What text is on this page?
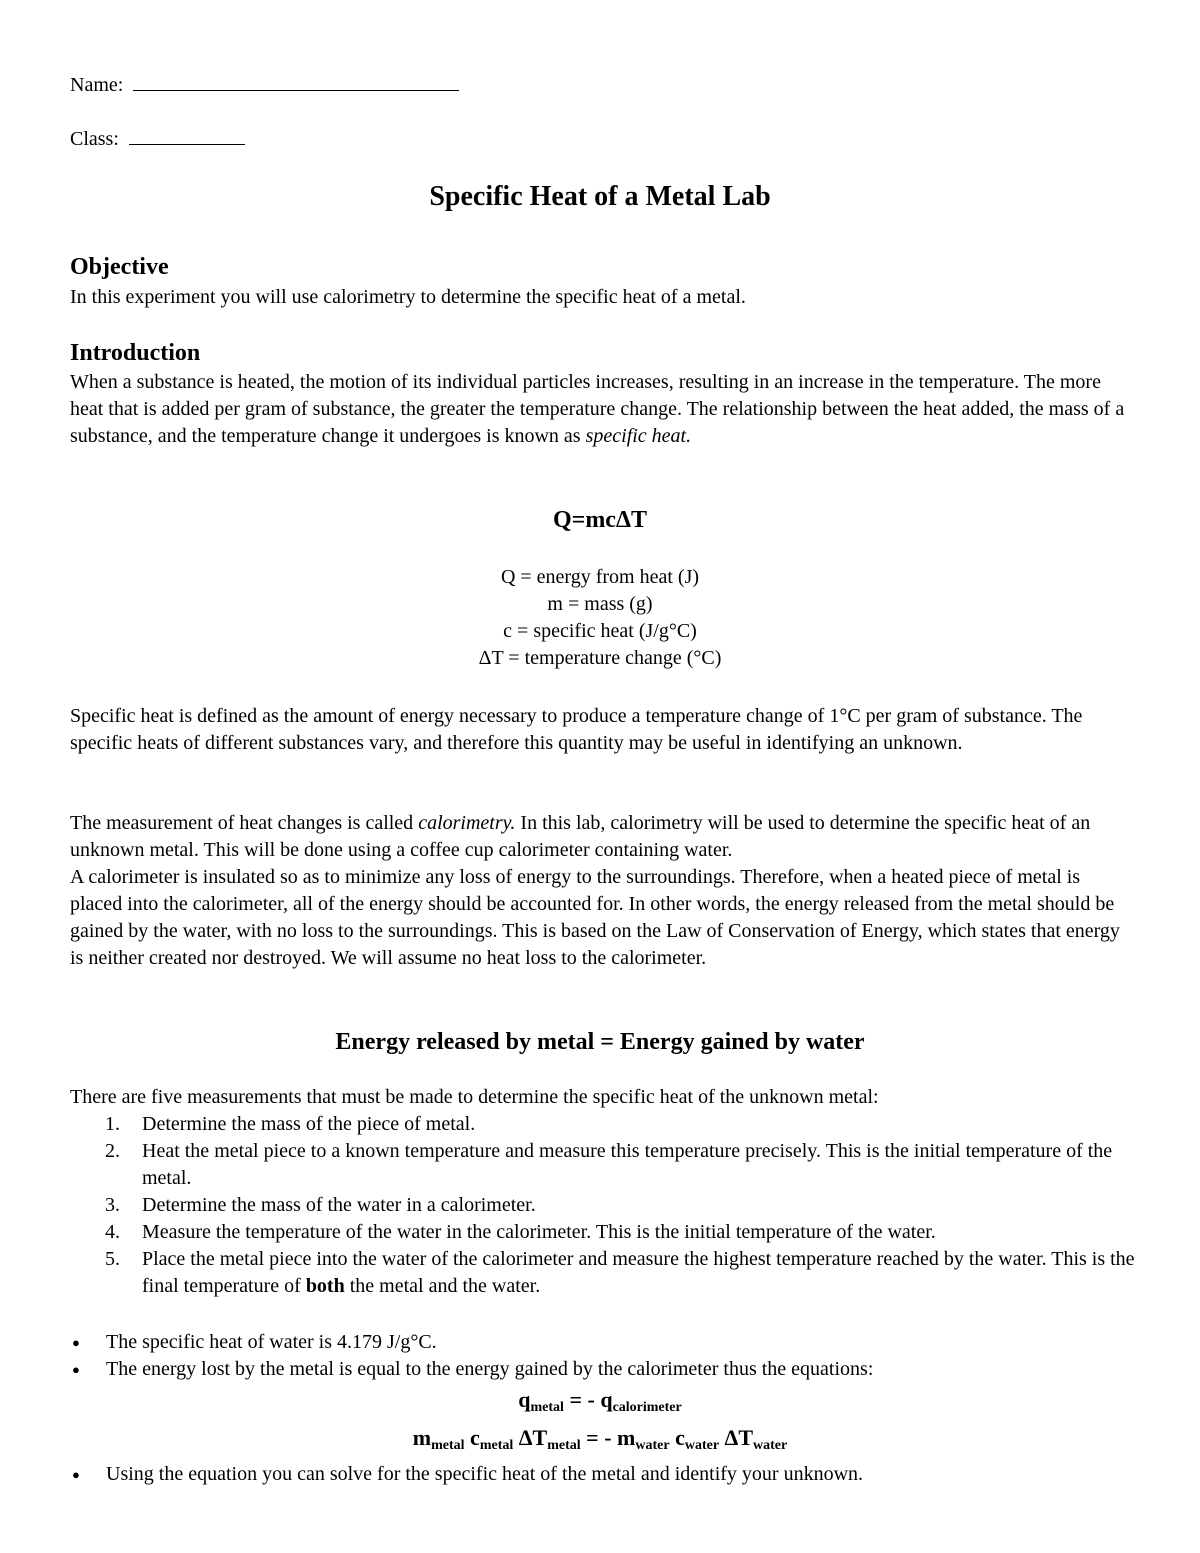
Name:
Class:
Specific Heat of a Metal Lab
Objective
In this experiment you will use calorimetry to determine the specific heat of a metal.
Introduction
When a substance is heated, the motion of its individual particles increases, resulting in an increase in the temperature. The more heat that is added per gram of substance, the greater the temperature change. The relationship between the heat added, the mass of a substance, and the temperature change it undergoes is known as specific heat.
Q=mcΔT
Q = energy from heat (J)
m = mass (g)
c = specific heat (J/g°C)
ΔT = temperature change (°C)
Specific heat is defined as the amount of energy necessary to produce a temperature change of 1°C per gram of substance. The specific heats of different substances vary, and therefore this quantity may be useful in identifying an unknown.
The measurement of heat changes is called calorimetry. In this lab, calorimetry will be used to determine the specific heat of an unknown metal. This will be done using a coffee cup calorimeter containing water.
A calorimeter is insulated so as to minimize any loss of energy to the surroundings. Therefore, when a heated piece of metal is placed into the calorimeter, all of the energy should be accounted for. In other words, the energy released from the metal should be gained by the water, with no loss to the surroundings. This is based on the Law of Conservation of Energy, which states that energy is neither created nor destroyed. We will assume no heat loss to the calorimeter.
Energy released by metal = Energy gained by water
There are five measurements that must be made to determine the specific heat of the unknown metal:
1. Determine the mass of the piece of metal.
2. Heat the metal piece to a known temperature and measure this temperature precisely. This is the initial temperature of the metal.
3. Determine the mass of the water in a calorimeter.
4. Measure the temperature of the water in the calorimeter. This is the initial temperature of the water.
5. Place the metal piece into the water of the calorimeter and measure the highest temperature reached by the water. This is the final temperature of both the metal and the water.
● The specific heat of water is 4.179 J/g°C.
● The energy lost by the metal is equal to the energy gained by the calorimeter thus the equations:
$q_{metal}$ = - $q_{calorimeter}$
$m_{metal}$ $c_{metal}$ $\Delta T_{metal}$ = - $m_{water}$ $c_{water}$ $\Delta T_{water}$
● Using the equation you can solve for the specific heat of the metal and identify your unknown.
